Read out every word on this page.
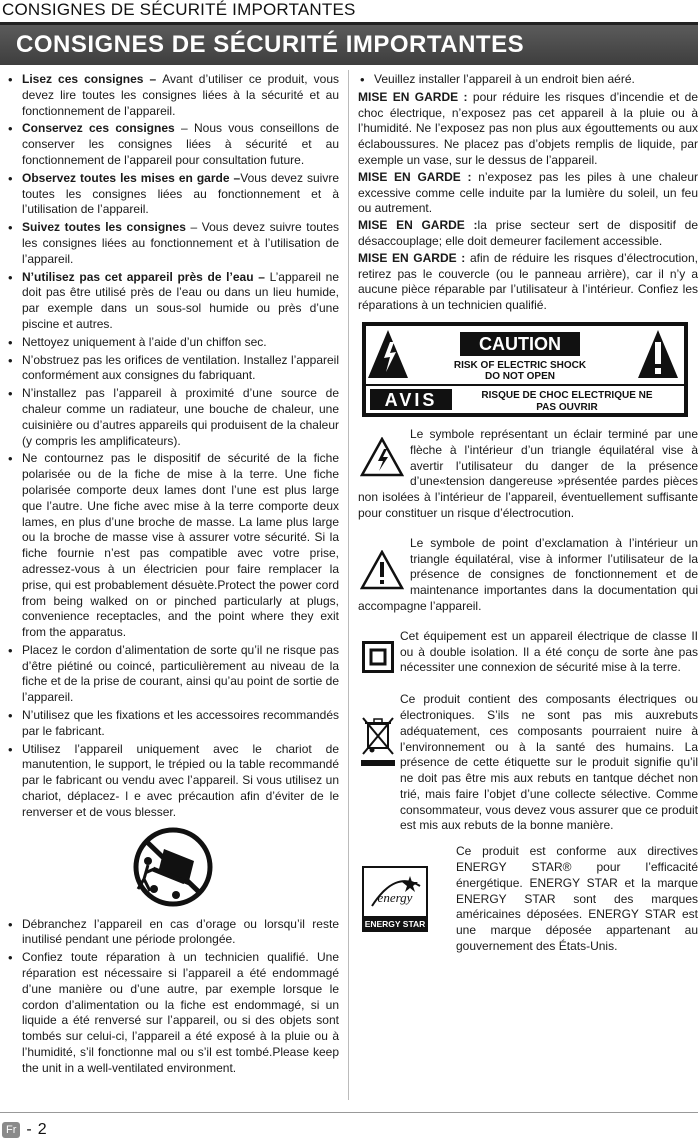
CONSIGNES DE SÉCURITÉ IMPORTANTES
CONSIGNES DE SÉCURITÉ IMPORTANTES
• Lisez ces consignes – Avant d’utiliser ce produit, vous devez lire toutes les consignes liées à la sécurité et au fonctionnement de l’appareil.
• Conservez ces consignes – Nous vous conseillons de conserver les consignes liées à sécurité et au fonctionnement de l’appareil pour consultation future.
• Observez toutes les mises en garde –Vous devez suivre toutes les consignes liées au fonctionnement et à l’utilisation de l’appareil.
• Suivez toutes les consignes – Vous devez suivre toutes les consignes liées au fonctionnement et à l’utilisation de l’appareil.
• N’utilisez pas cet appareil près de l’eau – L’appareil ne doit pas être utilisé près de l’eau ou dans un lieu humide, par exemple dans un sous-sol humide ou près d’une piscine et autres.
• Nettoyez uniquement à l’aide d’un chiffon sec.
• N’obstruez pas les orifices de ventilation. Installez l’appareil conformément aux consignes du fabriquant.
• N’installez pas l’appareil à proximité d’une source de chaleur comme un radiateur, une bouche de chaleur, une cuisinière ou d’autres appareils qui produisent de la chaleur (y compris les amplificateurs).
• Ne contournez pas le dispositif de sécurité de la fiche polarisée ou de la fiche de mise à la terre. Une fiche polarisée comporte deux lames dont l’une est plus large que l’autre. Une fiche avec mise à la terre comporte deux lames, en plus d’une broche de masse. La lame plus large ou la broche de masse vise à assurer votre sécurité. Si la fiche fournie n’est pas compatible avec votre prise, adressez-vous à un électricien pour faire remplacer la prise, qui est probablement désuète.Protect the power cord from being walked on or pinched particularly at plugs, convenience receptacles, and the point where they exit from the apparatus.
• Placez le cordon d’alimentation de sorte qu’il ne risque pas d’être piétiné ou coincé, particulièrement au niveau de la fiche et de la prise de courant, ainsi qu’au point de sortie de l’appareil.
• N’utilisez que les fixations et les accessoires recommandés par le fabricant.
• Utilisez l’appareil uniquement avec le chariot de manutention, le support, le trépied ou la table recommandé par le fabricant ou vendu avec l’appareil. Si vous utilisez un chariot, déplacez- l e avec précaution afin d’éviter de le renverser et de vous blesser.
• Débranchez l’appareil en cas d’orage ou lorsqu’il reste inutilisé pendant une période prolongée.
• Confiez toute réparation à un technicien qualifié. Une réparation est nécessaire si l’appareil a été endommagé d’une manière ou d’une autre, par exemple lorsque le cordon d’alimentation ou la fiche est endommagé, si un liquide a été renversé sur l’appareil, ou si des objets sont tombés sur celui-ci, l’appareil a été exposé à la pluie ou à l’humidité, s’il fonctionne mal ou s’il est tombé.Please keep the unit in a well-ventilated environment.
• Veuillez installer l’appareil à un endroit bien aéré.

MISE EN GARDE : pour réduire les risques d’incendie et de choc électrique, n’exposez pas cet appareil à la pluie ou à l’humidité. Ne l’exposez pas non plus aux égouttements ou aux éclaboussures. Ne placez pas d’objets remplis de liquide, par exemple un vase, sur le dessus de l’appareil.

MISE EN GARDE : n’exposez pas les piles à une chaleur excessive comme celle induite par la lumière du soleil, un feu ou autrement.

MISE EN GARDE :la prise secteur sert de dispositif de désaccouplage; elle doit demeurer facilement accessible.

MISE EN GARDE : afin de réduire les risques d’électrocution, retirez pas le couvercle (ou le panneau arrière), car il n’y a aucune pièce réparable par l’utilisateur à l’intérieur. Confiez les réparations à un technicien qualifié.

CAUTION
RISK OF ELECTRIC SHOCK
DO NOT OPEN
AVIS	RISQUE DE CHOC ELECTRIQUE NE
PAS OUVRIR
Le symbole représentant un éclair terminé par une flèche à l’intérieur d’un triangle équilatéral vise à avertir l’utilisateur du danger de la présence d’une«tension dangereuse »présentée pardes pièces non isolées à l’intérieur de l’appareil, éventuellement suffisante pour constituer un risque d’électrocution.
Le symbole de point d’exclamation à l’intérieur un triangle équilatéral, vise à informer l’utilisateur de la présence de consignes de fonctionnement et de maintenance importantes dans la documentation qui accompagne l’appareil.
Cet équipement est un appareil électrique de classe II ou à double isolation. Il a été conçu de sorte àne pas nécessiter une connexion de sécurité mise à la terre.
Ce produit contient des composants électriques ou électroniques. S’ils ne sont pas mis auxrebuts adéquatement, ces composants pourraient nuire à l’environnement ou à la santé des humains. La présence de cette étiquette sur le produit signifie qu’il ne doit pas être mis aux rebuts en tantque déchet non trié, mais faire l’objet d’une collecte sélective. Comme consommateur, vous devez vous assurer que ce produit est mis aux rebuts de la bonne manière.
energy
ENERGY STAR
Ce produit est conforme aux directives ENERGY STAR® pour l’efficacité énergétique. ENERGY STAR et la marque ENERGY STAR sont des marques américaines déposées. ENERGY STAR est une marque déposée appartenant au gouvernement des États-Unis.
Fr - 2
